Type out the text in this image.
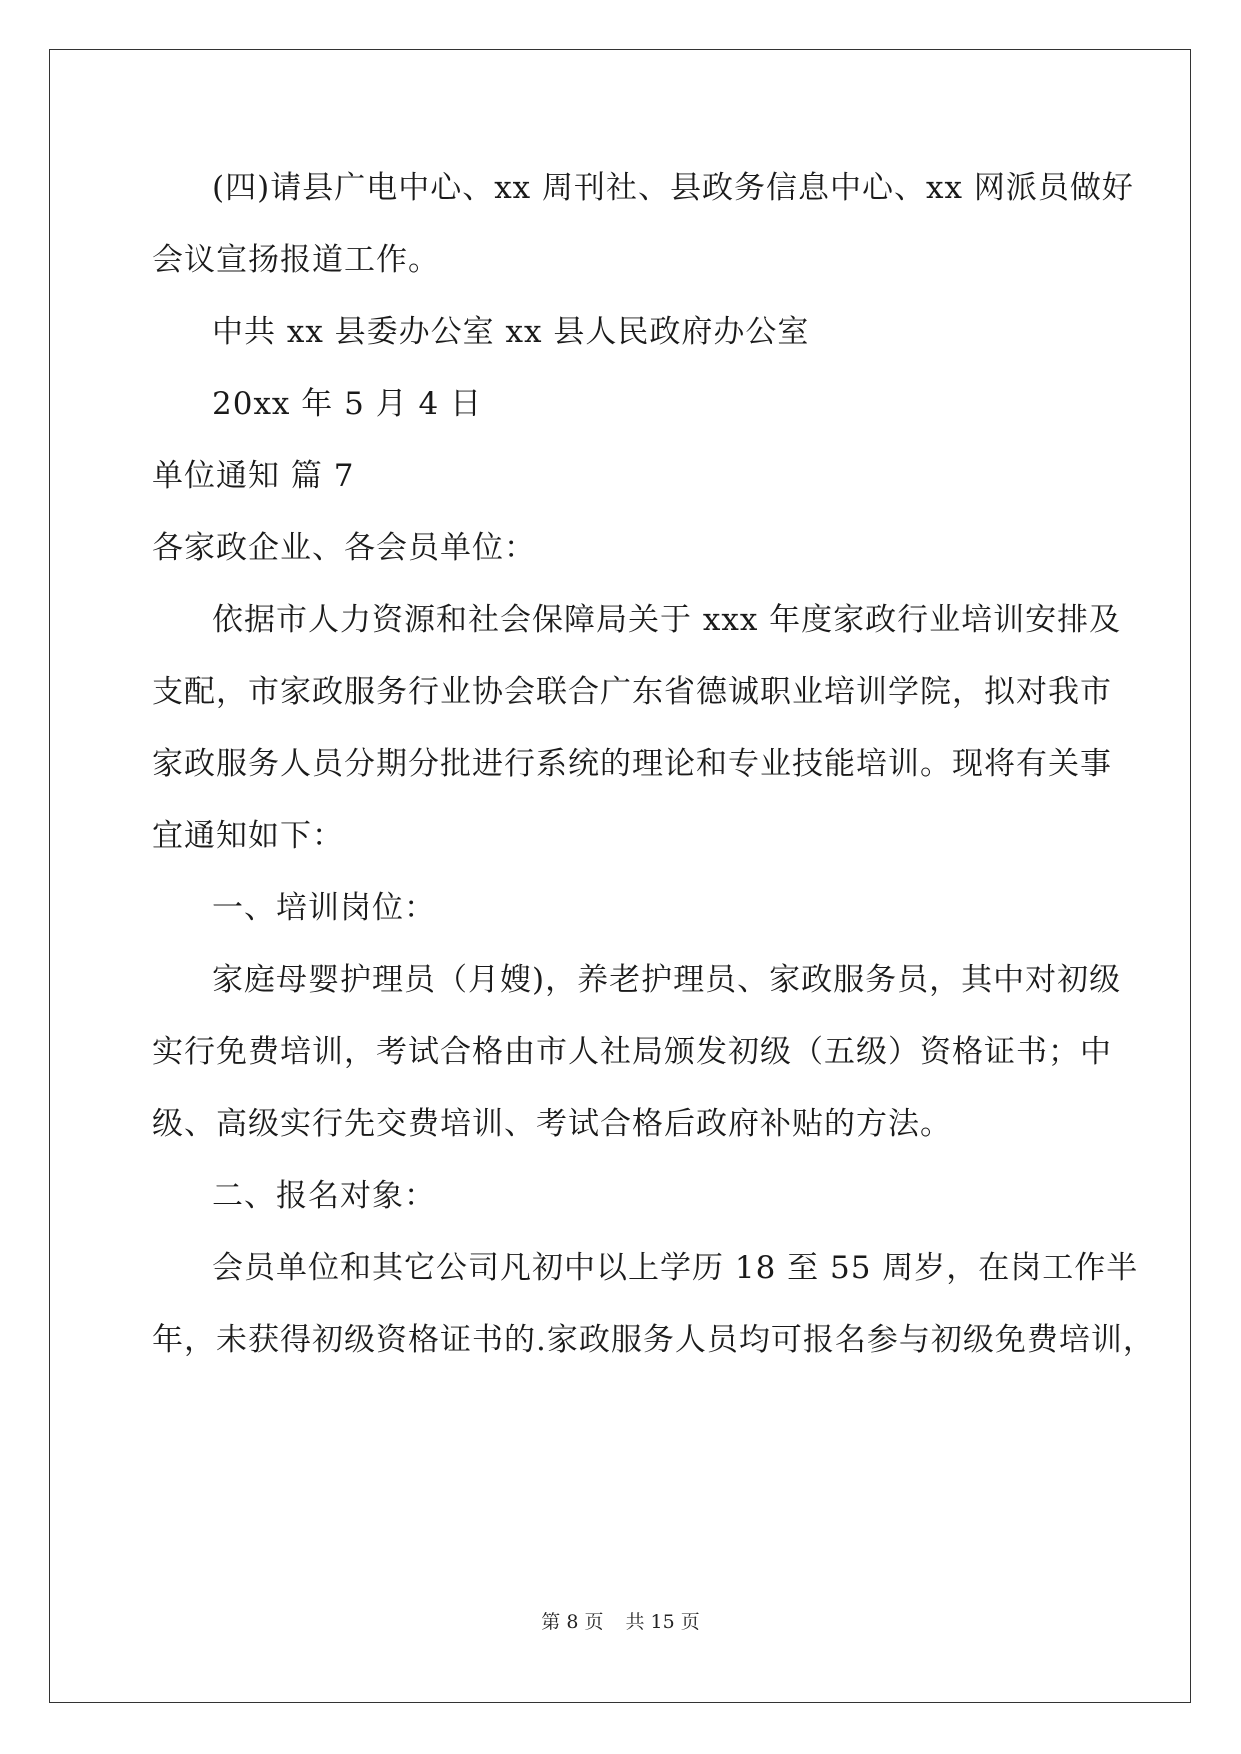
(四)请县广电中心、xx 周刊社、县政务信息中心、xx 网派员做好
会议宣扬报道工作。
中共 xx 县委办公室 xx 县人民政府办公室
20xx 年 5 月 4 日
单位通知 篇 7
各家政企业、各会员单位：
依据市人力资源和社会保障局关于 xxx 年度家政行业培训安排及
支配，市家政服务行业协会联合广东省德诚职业培训学院，拟对我市
家政服务人员分期分批进行系统的理论和专业技能培训。现将有关事
宜通知如下：
一、培训岗位：
家庭母婴护理员（月嫂)，养老护理员、家政服务员，其中对初级
实行免费培训，考试合格由市人社局颁发初级（五级）资格证书；中
级、高级实行先交费培训、考试合格后政府补贴的方法。
二、报名对象：
会员单位和其它公司凡初中以上学历 18 至 55 周岁，在岗工作半
年，未获得初级资格证书的.家政服务人员均可报名参与初级免费培训，
第 8 页 共 15 页
